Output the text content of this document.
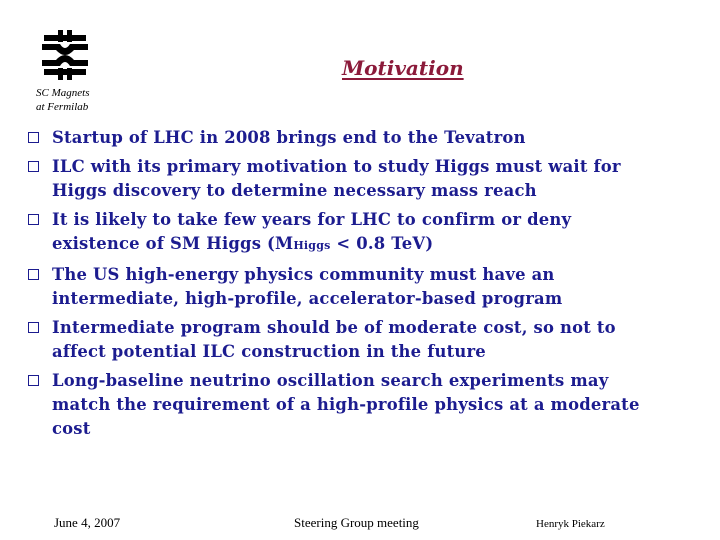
SC Magnets
at Fermilab
Motivation
Startup of LHC in 2008 brings end to the Tevatron
ILC with its primary motivation to study Higgs must wait for
Higgs discovery to determine necessary mass reach
It is likely to take few years for LHC to confirm or deny
existence of SM Higgs (MHiggs < 0.8 TeV)
The US high-energy physics community must have an
intermediate, high-profile, accelerator-based program
Intermediate program should be of moderate cost, so not to
affect potential ILC construction in the future
Long-baseline neutrino oscillation search experiments may
match the requirement of a high-profile physics at a moderate
cost
June 4, 2007	Steering Group meeting	Henryk Piekarz
